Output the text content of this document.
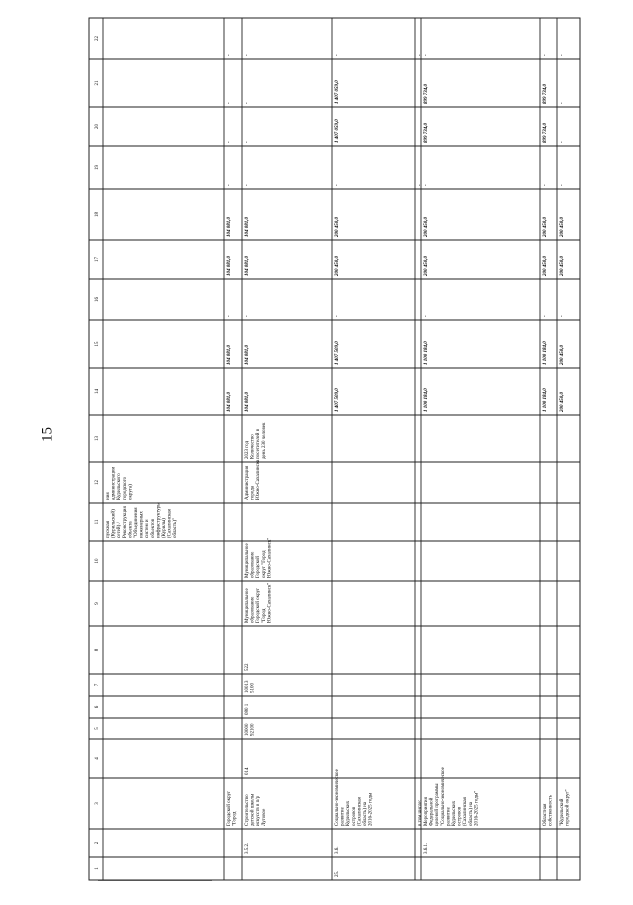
15
1
2
3
4
5
6
7
8
9
10
11
12
13
14
15
16
17
18
19
20
21
22
пускная(Курильский)сетей) /Реконструкцияобъекта"Объединенияинженерныхсистем иобъектовинфраструктуры(Курилы)(Сахалинскаяобласть)"
нияадминистрацииКурильскогогородскогоокруга)
Городской округ"Город
104 081,0
104 081,0
-
104 081,0
104 081,0
-
-
-
-
3.5.2.
Строительстводетской школыискусств в п/рЛуговое
014
1000092100
080 1
100135100
522
МуниципальноеобразованиеГородской округ"ГородЮжно-Сахалинск"
МуниципальноеобразованиеГородскойокруг "ГородЮжно-Сахалинск"
АдминистрациягородаЮжно-Сахалинска
2023 годКоличествопосетителей вдень 230 человек
104 081,0
104 081,0
-
104 081,0
104 081,0
-
-
-
-
25.
3.6.
Социально-экономическоеразвитиеКурильскихостровов(Сахалинскаяобласть) на2016-2025 годы
1 407 509,0
1 407 509,0
-
200 450,0
200 450,0
-
1 407 059,0
1 407 059,0
-
в том числе:
-
-
3.6.1.
МероприятияФедеральнойцелевой программы"Социально-экономическоеразвитиеКурильскихостровов(Сахалинскаяобласть) на2016-2025 годы"
1 100 184,0
1 100 184,0
-
200 450,0
200 450,0
-
899 734,0
899 734,0
-
Областнаясобственность
1 100 184,0
1 100 184,0
-
200 450,0
200 450,0
-
899 734,0
899 734,0
-
"Курильскийгородской округ"
200 450,0
200 450,0
-
200 450,0
200 450,0
-
-
-
-
